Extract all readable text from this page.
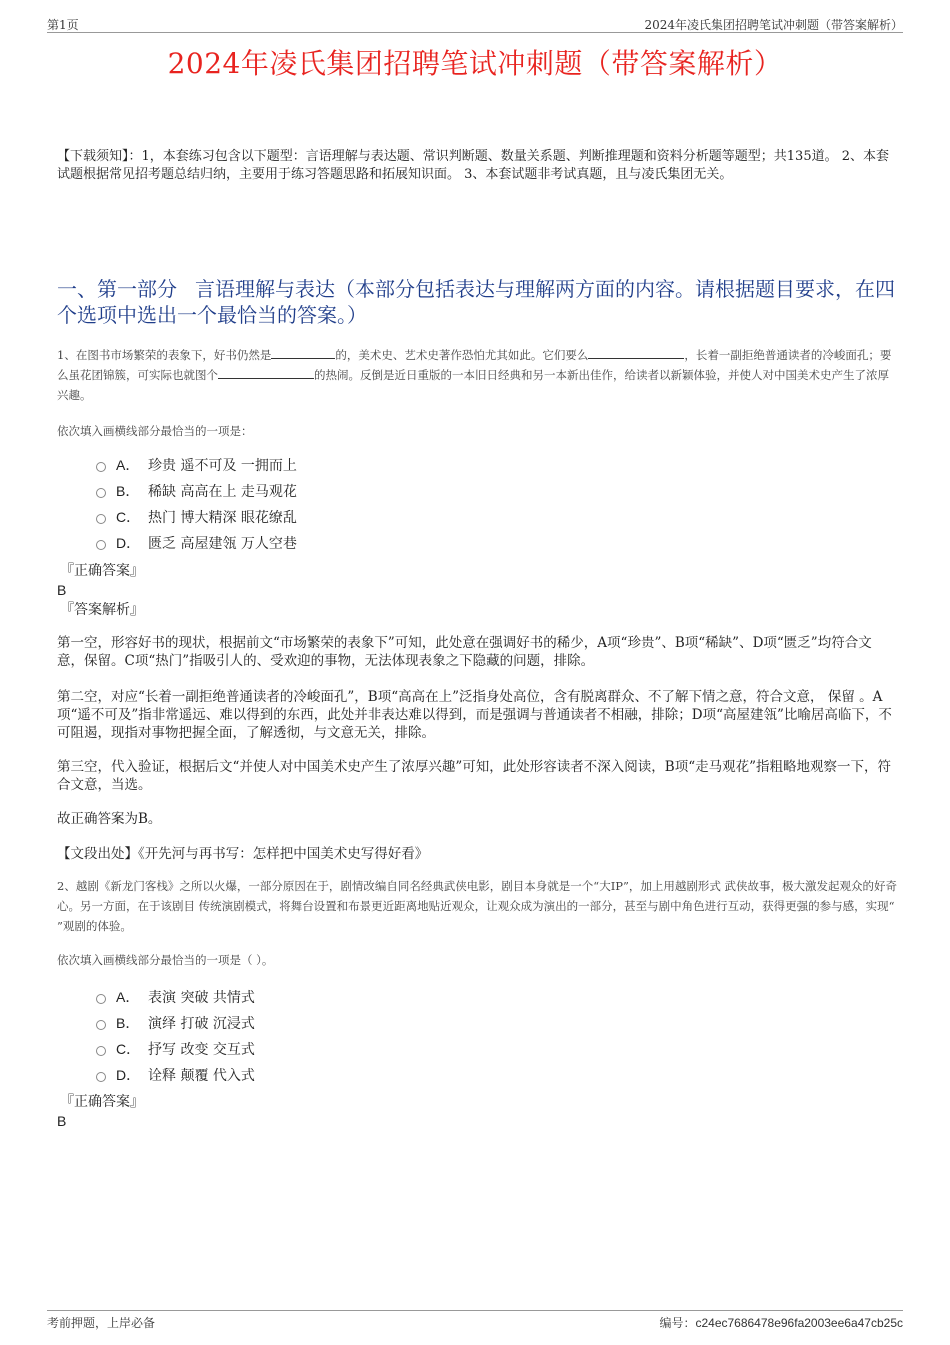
第1页	2024年凌氏集团招聘笔试冲刺题（带答案解析）
2024年凌氏集团招聘笔试冲刺题（带答案解析）
【下载须知】：1，本套练习包含以下题型：言语理解与表达题、常识判断题、数量关系题、判断推理题和资料分析题等题型；共135道。 2、本套试题根据常见招考题总结归纳，主要用于练习答题思路和拓展知识面。 3、本套试题非考试真题，且与凌氏集团无关。
一、第一部分 言语理解与表达（本部分包括表达与理解两方面的内容。请根据题目要求，在四个选项中选出一个最恰当的答案。）
1、在图书市场繁荣的表象下，好书仍然是	的，美术史、艺术史著作恐怕尤其如此。它们要么	，长着一副拒绝普通读者的冷峻面孔；要么虽花团锦簇，可实际也就图个	的热闹。反倒是近日重版的一本旧日经典和另一本新出佳作，给读者以新颖体验，并使人对中国美术史产生了浓厚兴趣。
依次填入画横线部分最恰当的一项是：
A． 珍贵 遥不可及 一拥而上
B． 稀缺 高高在上 走马观花
C． 热门 博大精深 眼花缭乱
D． 匮乏 高屋建瓴 万人空巷
『正确答案』
B
『答案解析』
第一空，形容好书的现状，根据前文“市场繁荣的表象下”可知，此处意在强调好书的稀少，A项“珍贵”、B项“稀缺”、D项“匮乏”均符合文意，保留。C项“热门”指吸引人的、受欢迎的事物，无法体现表象之下隐藏的问题，排除。
第二空，对应“长着一副拒绝普通读者的冷峻面孔”，B项“高高在上”泛指身处高位，含有脱离群众、不了解下情之意，符合文意， 保留 。A项“遥不可及”指非常遥远、难以得到的东西，此处并非表达难以得到，而是强调与普通读者不相融，排除；D项“高屋建瓴”比喻居高临下，不可阻遏，现指对事物把握全面，了解透彻，与文意无关，排除。
第三空，代入验证，根据后文“并使人对中国美术史产生了浓厚兴趣”可知，此处形容读者不深入阅读，B项“走马观花”指粗略地观察一下，符合文意，当选。
故正确答案为B。
【文段出处】《开先河与再书写：怎样把中国美术史写得好看》
2、越剧《新龙门客栈》之所以火爆，一部分原因在于，剧情改编自同名经典武侠电影，剧目本身就是一个“大IP”，加上用越剧形式 武侠故事，极大激发起观众的好奇心。另一方面，在于该剧目 传统演剧模式，将舞台设置和布景更近距离地贴近观众，让观众成为演出的一部分，甚至与剧中角色进行互动，获得更强的参与感，实现“ ”观剧的体验。
依次填入画横线部分最恰当的一项是（ ）。
A． 表演 突破 共情式
B． 演绎 打破 沉浸式
C． 抒写 改变 交互式
D． 诠释 颠覆 代入式
『正确答案』
B
考前押题，上岸必备	编号：c24ec7686478e96fa2003ee6a47cb25c
